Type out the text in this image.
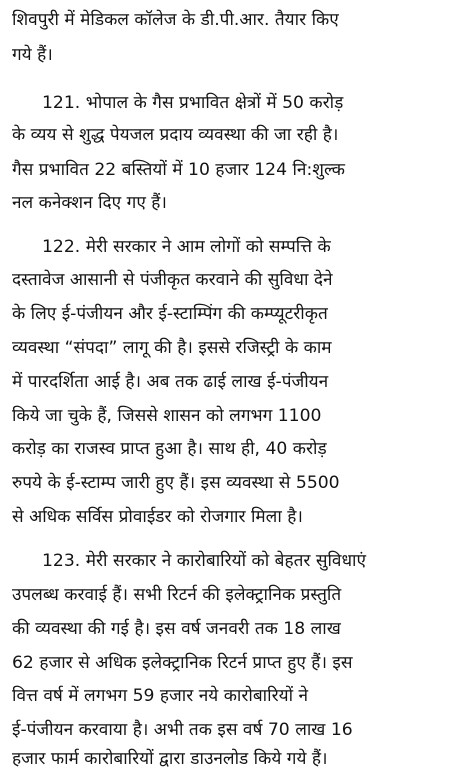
शिवपुरी में मेडिकल कॉलेज के डी.पी.आर. तैयार किए
गये हैं।
121. भोपाल के गैस प्रभावित क्षेत्रों में 50 करोड़
के व्यय से शुद्ध पेयजल प्रदाय व्यवस्था की जा रही है।
गैस प्रभावित 22 बस्तियों में 10 हजार 124 नि:शुल्क
नल कनेक्शन दिए गए हैं।
122. मेरी सरकार ने आम लोगों को सम्पत्ति के
दस्तावेज आसानी से पंजीकृत करवाने की सुविधा देने
के लिए ई-पंजीयन और ई-स्टाम्पिंग की कम्प्यूटरीकृत
व्यवस्था “संपदा” लागू की है। इससे रजिस्ट्री के काम
में पारदर्शिता आई है। अब तक ढाई लाख ई-पंजीयन
किये जा चुके हैं, जिससे शासन को लगभग 1100
करोड़ का राजस्व प्राप्त हुआ है। साथ ही, 40 करोड़
रुपये के ई-स्टाम्प जारी हुए हैं। इस व्यवस्था से 5500
से अधिक सर्विस प्रोवाईडर को रोजगार मिला है।
123. मेरी सरकार ने कारोबारियों को बेहतर सुविधाएं
उपलब्ध करवाई हैं। सभी रिटर्न की इलेक्ट्रानिक प्रस्तुति
की व्यवस्था की गई है। इस वर्ष जनवरी तक 18 लाख
62 हजार से अधिक इलेक्ट्रानिक रिटर्न प्राप्त हुए हैं। इस
वित्त वर्ष में लगभग 59 हजार नये कारोबारियों ने
ई-पंजीयन करवाया है। अभी तक इस वर्ष 70 लाख 16
हजार फार्म कारोबारियों द्वारा डाउनलोड किये गये हैं।
